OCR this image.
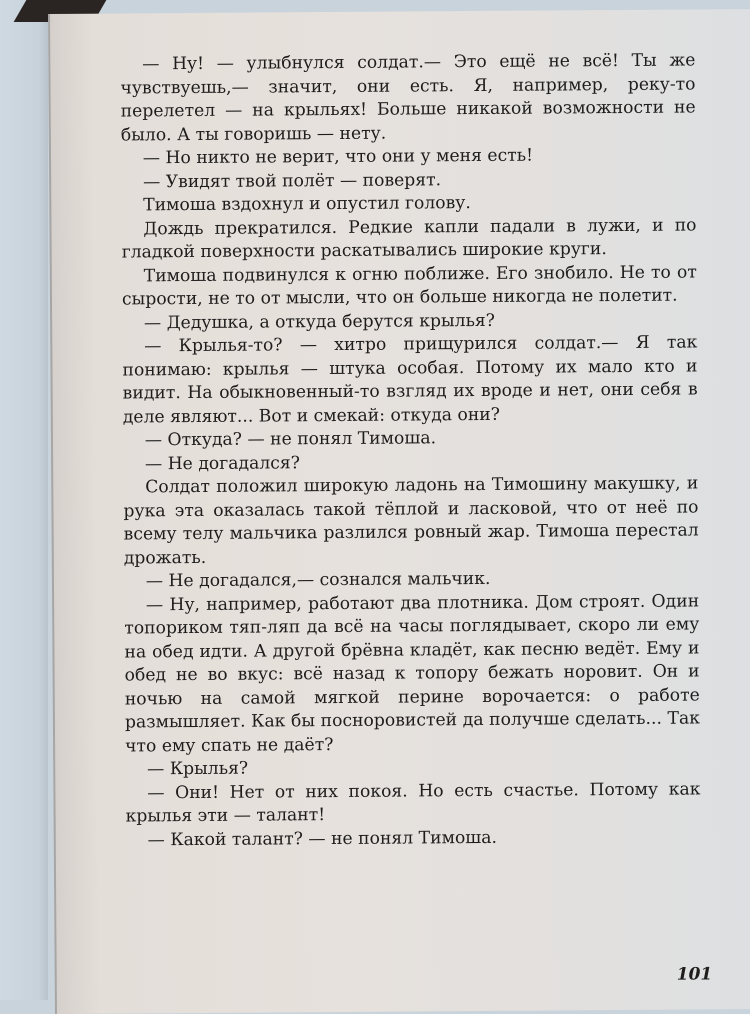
— Ну! — улыбнулся солдат.— Это ещё не всё! Ты же чувствуешь,— значит, они есть. Я, например, реку-то перелетел — на крыльях! Больше никакой возможности не было. А ты говоришь — нету.

— Но никто не верит, что они у меня есть!

— Увидят твой полёт — поверят.

Тимоша вздохнул и опустил голову.

Дождь прекратился. Редкие капли падали в лужи, и по гладкой поверхности раскатывались широкие круги.

Тимоша подвинулся к огню поближе. Его знобило. Не то от сырости, не то от мысли, что он больше никогда не полетит.

— Дедушка, а откуда берутся крылья?

— Крылья-то? — хитро прищурился солдат.— Я так понимаю: крылья — штука особая. Потому их мало кто и видит. На обыкновенный-то взгляд их вроде и нет, они себя в деле являют... Вот и смекай: откуда они?

— Откуда? — не понял Тимоша.

— Не догадался?

Солдат положил широкую ладонь на Тимошину макушку, и рука эта оказалась такой тёплой и ласковой, что от неё по всему телу мальчика разлился ровный жар. Тимоша перестал дрожать.

— Не догадался,— сознался мальчик.

— Ну, например, работают два плотника. Дом строят. Один топориком тяп-ляп да всё на часы поглядывает, скоро ли ему на обед идти. А другой брёвна кладёт, как песню ведёт. Ему и обед не во вкус: всё назад к топору бежать норовит. Он и ночью на самой мягкой перине ворочается: о работе размышляет. Как бы посноровистей да получше сделать... Так что ему спать не даёт?

— Крылья?

— Они! Нет от них покоя. Но есть счастье. Потому как крылья эти — талант!

— Какой талант? — не понял Тимоша.

101
